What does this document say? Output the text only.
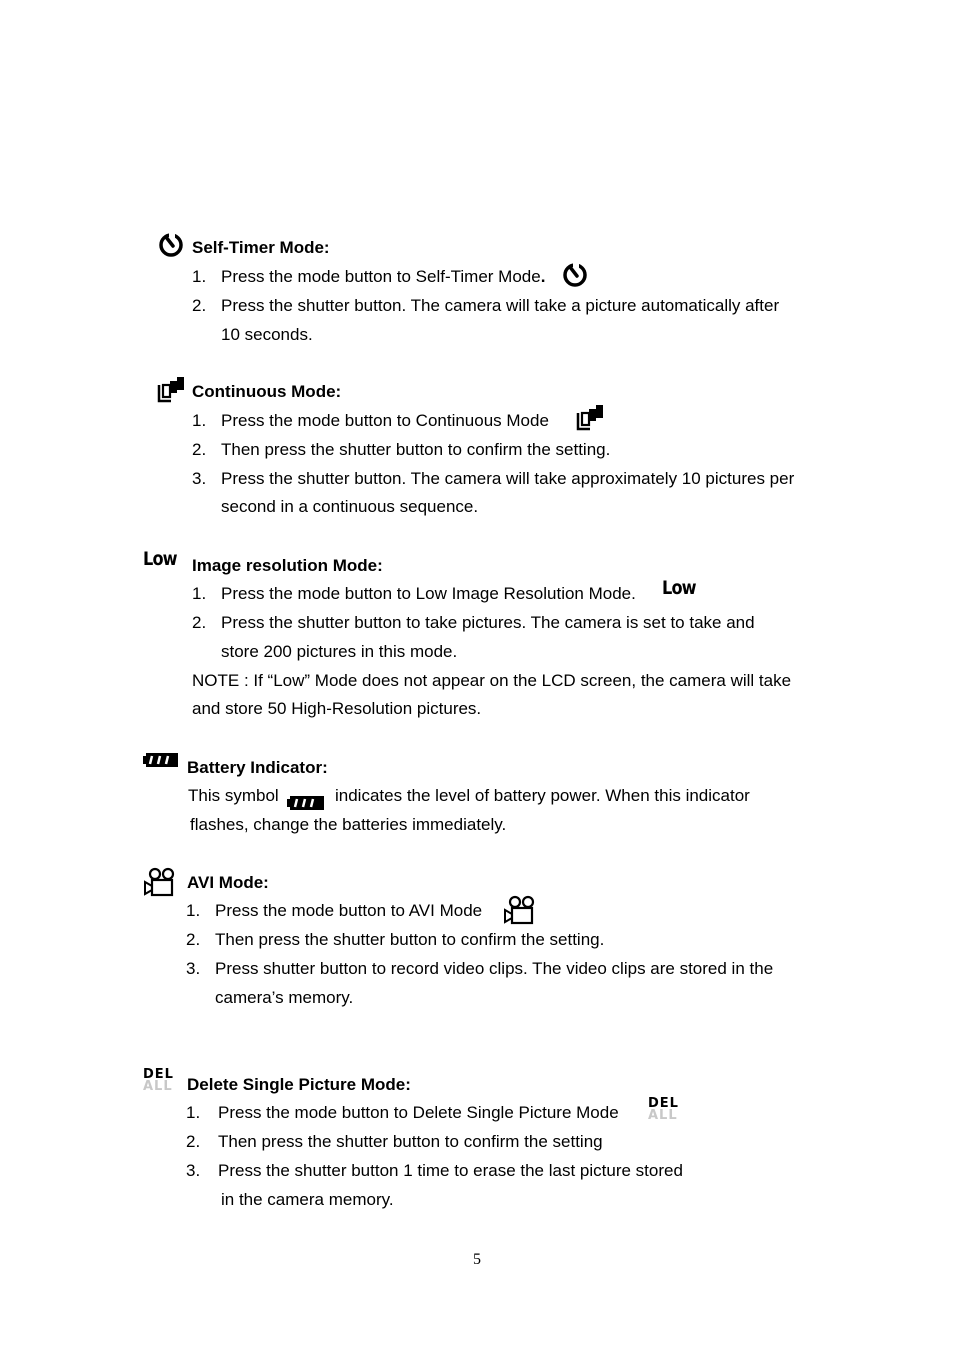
Self-Timer Mode:
1. Press the mode button to Self-Timer Mode.
2. Press the shutter button. The camera will take a picture automatically after
10 seconds.
Continuous Mode:
1. Press the mode button to Continuous Mode
2. Then press the shutter button to confirm the setting.
3. Press the shutter button. The camera will take approximately 10 pictures per
second in a continuous sequence.
Low Image resolution Mode:
1. Press the mode button to Low Image Resolution Mode. Low
2. Press the shutter button to take pictures. The camera is set to take and
store 200 pictures in this mode.
NOTE : If “Low” Mode does not appear on the LCD screen, the camera will take
and store 50 High-Resolution pictures.
Battery Indicator:
This symbol	indicates the level of battery power. When this indicator
flashes, change the batteries immediately.
AVI Mode:
1. Press the mode button to AVI Mode
2. Then press the shutter button to confirm the setting.
3. Press shutter button to record video clips. The video clips are stored in the
camera’s memory.
DEL
ALL Delete Single Picture Mode:
1. Press the mode button to Delete Single Picture Mode DEL
ALL
2. Then press the shutter button to confirm the setting
3. Press the shutter button 1 time to erase the last picture stored
in the camera memory.
5
